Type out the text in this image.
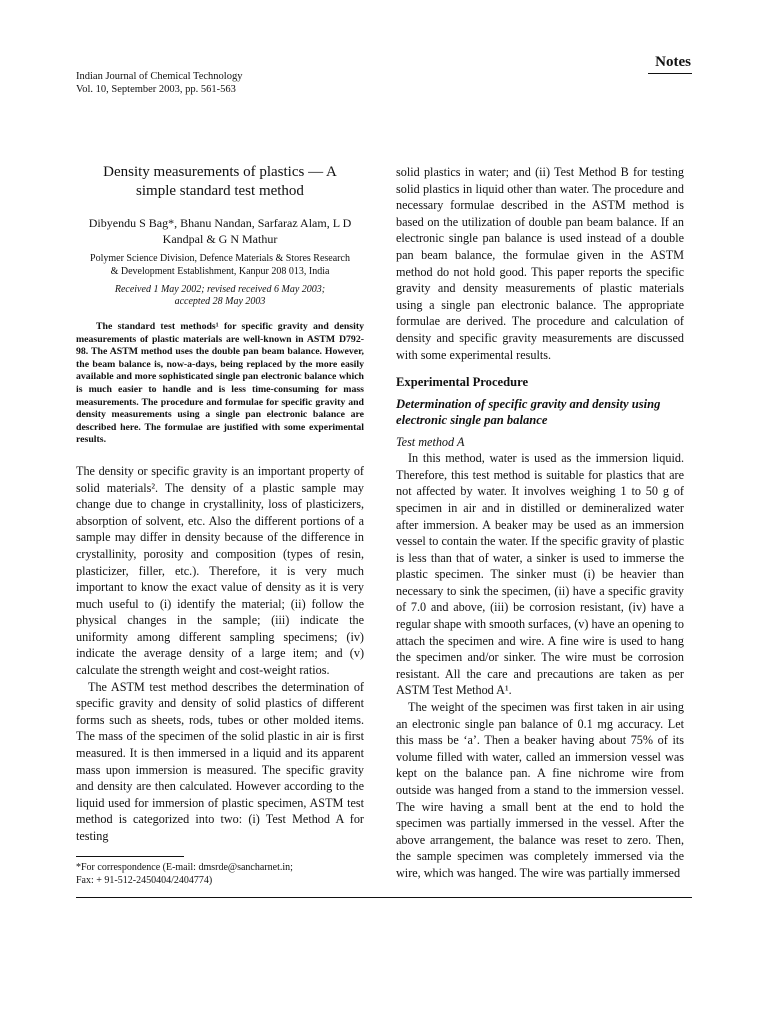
Indian Journal of Chemical Technology
Vol. 10, September 2003, pp. 561-563
Notes
Density measurements of plastics — A
simple standard test method
Dibyendu S Bag*, Bhanu Nandan, Sarfaraz Alam, L D
Kandpal & G N Mathur
Polymer Science Division, Defence Materials & Stores Research
& Development Establishment, Kanpur 208 013, India
Received 1 May 2002; revised received 6 May 2003;
accepted 28 May 2003

The standard test methods¹ for specific gravity and density measurements of plastic materials are well-known in ASTM D792-98. The ASTM method uses the double pan beam balance. However, the beam balance is, now-a-days, being replaced by the more easily available and more sophisticated single pan electronic balance which is much easier to handle and is less time-consuming for mass measurements. The procedure and formulae for specific gravity and density measurements using a single pan electronic balance are described here. The formulae are justified with some experimental results.

The density or specific gravity is an important property of solid materials². The density of a plastic sample may change due to change in crystallinity, loss of plasticizers, absorption of solvent, etc. Also the different portions of a sample may differ in density because of the difference in crystallinity, porosity and composition (types of resin, plasticizer, filler, etc.). Therefore, it is very much important to know the exact value of density as it is very much useful to (i) identify the material; (ii) follow the physical changes in the sample; (iii) indicate the uniformity among different sampling specimens; (iv) indicate the average density of a large item; and (v) calculate the strength weight and cost-weight ratios.

The ASTM test method describes the determination of specific gravity and density of solid plastics of different forms such as sheets, rods, tubes or other molded items. The mass of the specimen of the solid plastic in air is first measured. It is then immersed in a liquid and its apparent mass upon immersion is measured. The specific gravity and density are then calculated. However according to the liquid used for immersion of plastic specimen, ASTM test method is categorized into two: (i) Test Method A for testing

solid plastics in water; and (ii) Test Method B for testing solid plastics in liquid other than water. The procedure and necessary formulae described in the ASTM method is based on the utilization of double pan beam balance. If an electronic single pan balance is used instead of a double pan beam balance, the formulae given in the ASTM method do not hold good. This paper reports the specific gravity and density measurements of plastic materials using a single pan electronic balance. The appropriate formulae are derived. The procedure and calculation of density and specific gravity measurements are discussed with some experimental results.

Experimental Procedure
Determination of specific gravity and density using electronic single pan balance
Test method A

In this method, water is used as the immersion liquid. Therefore, this test method is suitable for plastics that are not affected by water. It involves weighing 1 to 50 g of specimen in air and in distilled or demineralized water after immersion. A beaker may be used as an immersion vessel to contain the water. If the specific gravity of plastic is less than that of water, a sinker is used to immerse the plastic specimen. The sinker must (i) be heavier than necessary to sink the specimen, (ii) have a specific gravity of 7.0 and above, (iii) be corrosion resistant, (iv) have a regular shape with smooth surfaces, (v) have an opening to attach the specimen and wire. A fine wire is used to hang the specimen and/or sinker. The wire must be corrosion resistant. All the care and precautions are taken as per ASTM Test Method A¹.

The weight of the specimen was first taken in air using an electronic single pan balance of 0.1 mg accuracy. Let this mass be ‘a’. Then a beaker having about 75% of its volume filled with water, called an immersion vessel was kept on the balance pan. A fine nichrome wire from outside was hanged from a stand to the immersion vessel. The wire having a small bent at the end to hold the specimen was partially immersed in the vessel. After the above arrangement, the balance was reset to zero. Then, the sample specimen was completely immersed via the wire, which was hanged. The wire was partially immersed

*For correspondence (E-mail: dmsrde@sancharnet.in;
Fax: + 91-512-2450404/2404774)
